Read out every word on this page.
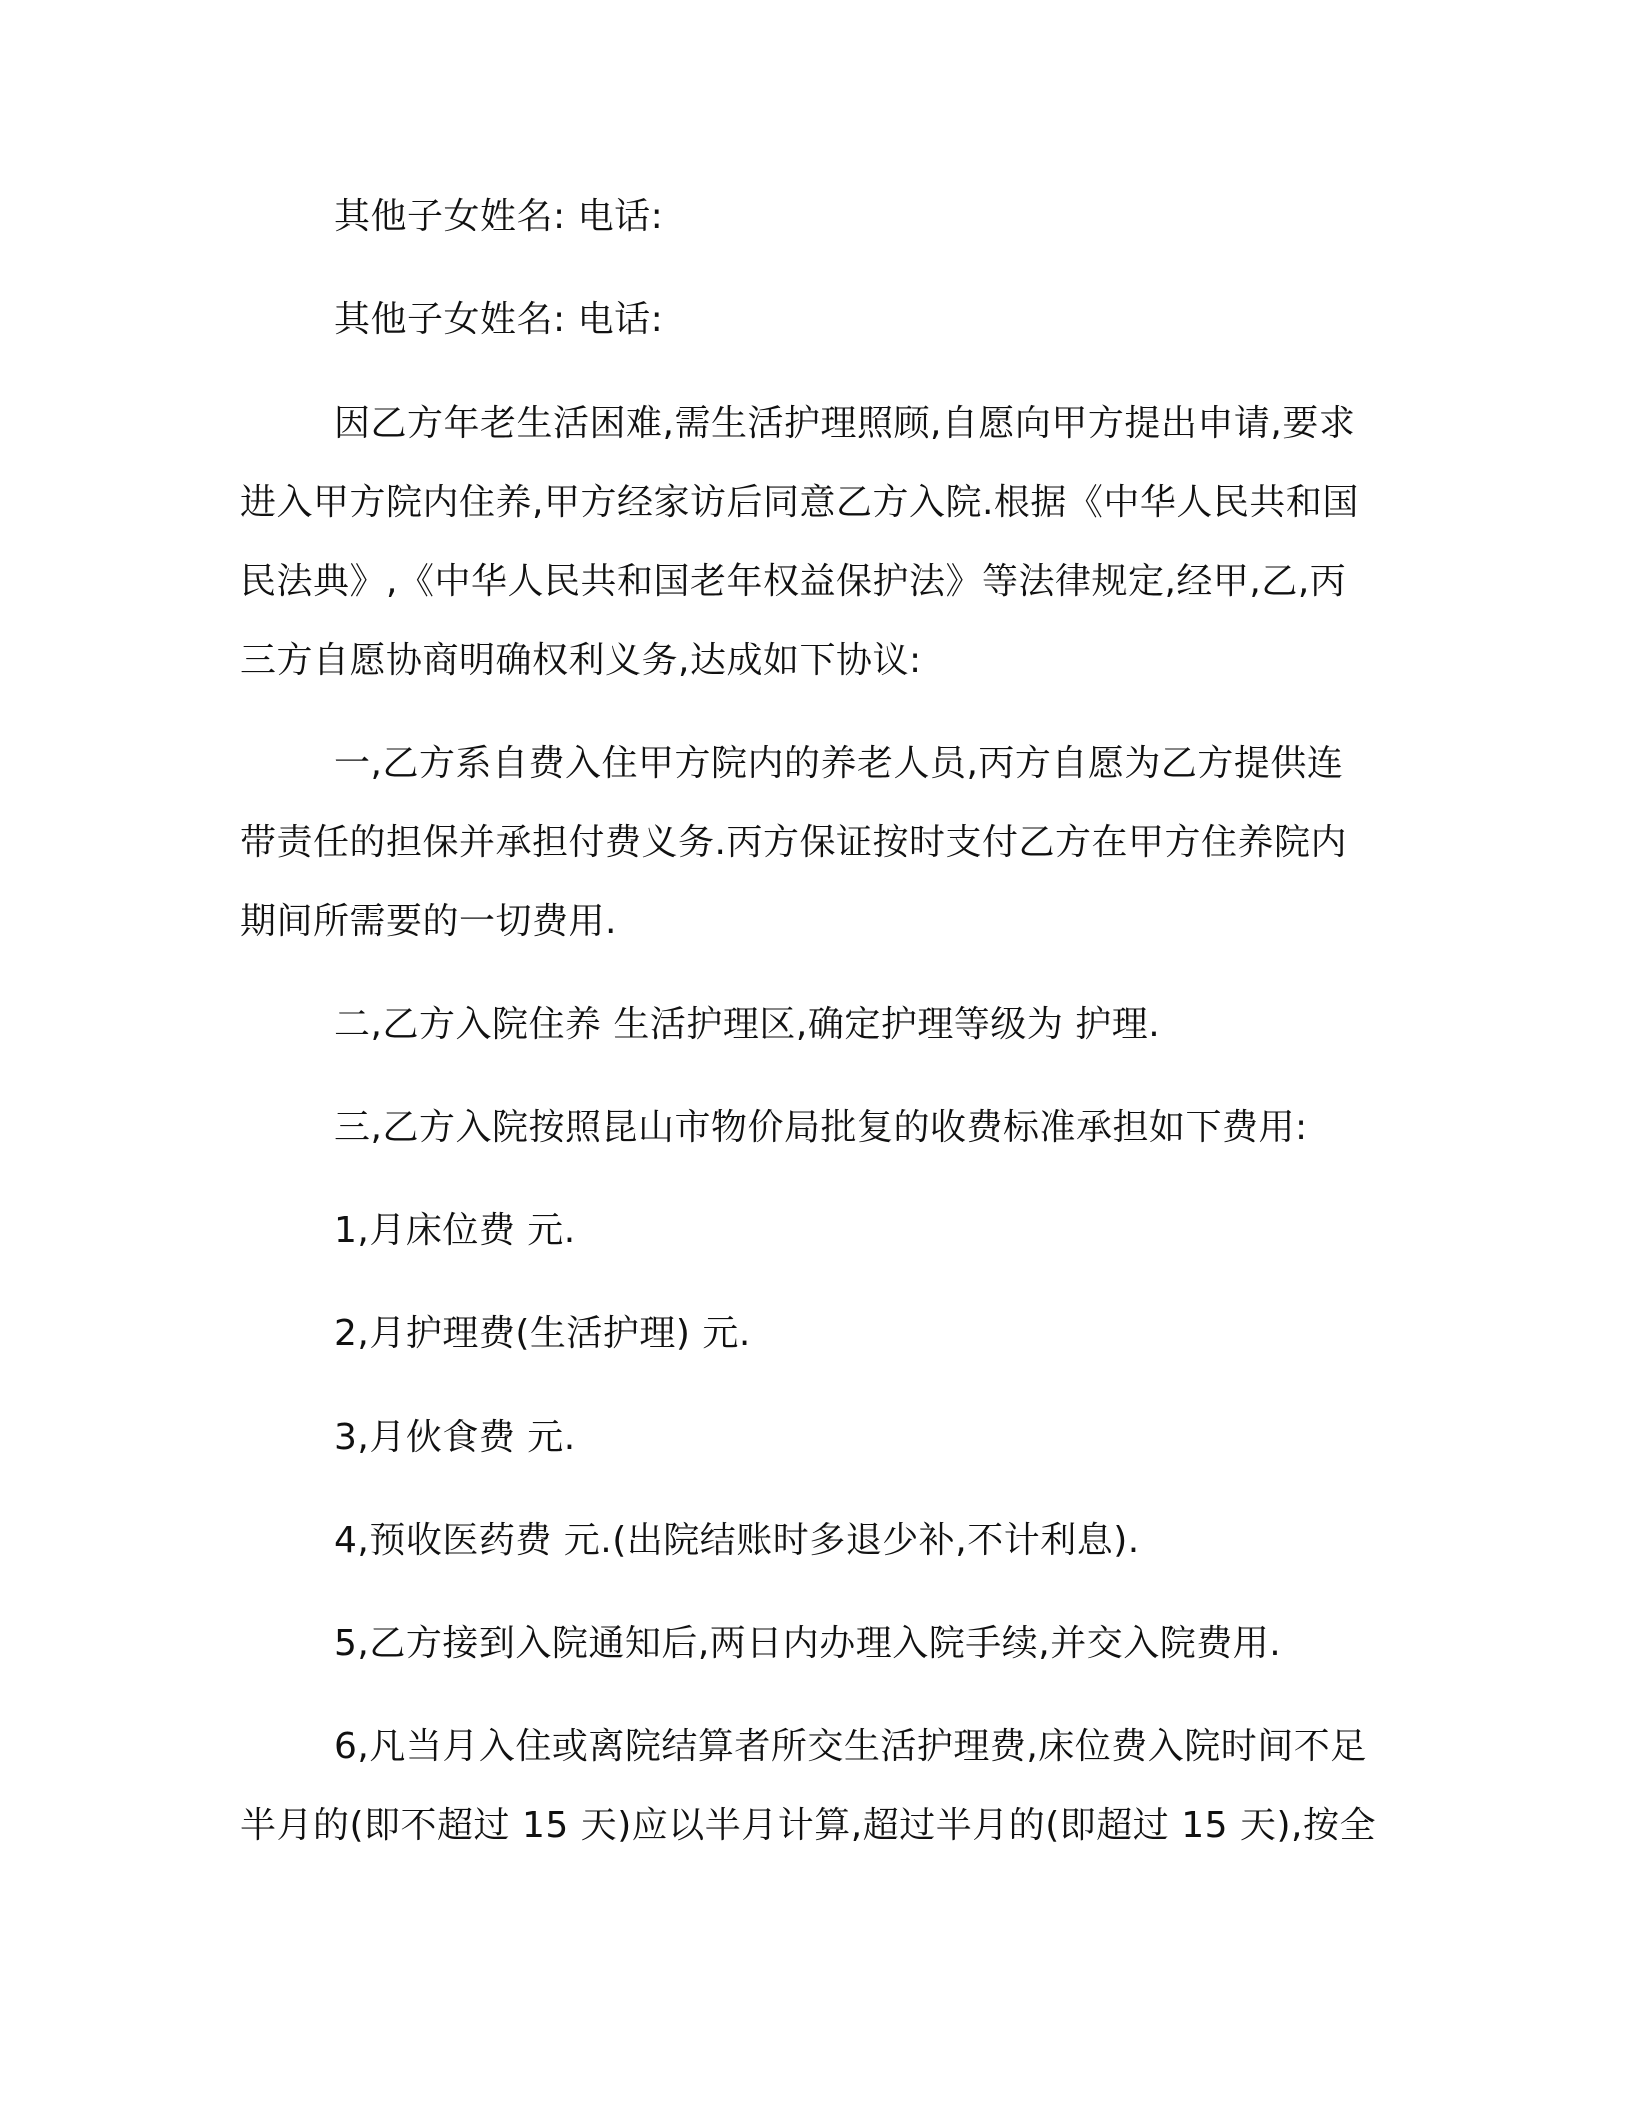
其他子女姓名: 电话:

其他子女姓名: 电话:

因乙方年老生活困难,需生活护理照顾,自愿向甲方提出申请,要求

进入甲方院内住养,甲方经家访后同意乙方入院.根据《中华人民共和国

民法典》,《中华人民共和国老年权益保护法》等法律规定,经甲,乙,丙

三方自愿协商明确权利义务,达成如下协议:

一,乙方系自费入住甲方院内的养老人员,丙方自愿为乙方提供连

带责任的担保并承担付费义务.丙方保证按时支付乙方在甲方住养院内

期间所需要的一切费用.

二,乙方入院住养 生活护理区,确定护理等级为 护理.

三,乙方入院按照昆山市物价局批复的收费标准承担如下费用:

1,月床位费 元.

2,月护理费(生活护理) 元.

3,月伙食费 元.

4,预收医药费 元.(出院结账时多退少补,不计利息).

5,乙方接到入院通知后,两日内办理入院手续,并交入院费用.

6,凡当月入住或离院结算者所交生活护理费,床位费入院时间不足

半月的(即不超过 15 天)应以半月计算,超过半月的(即超过 15 天),按全
